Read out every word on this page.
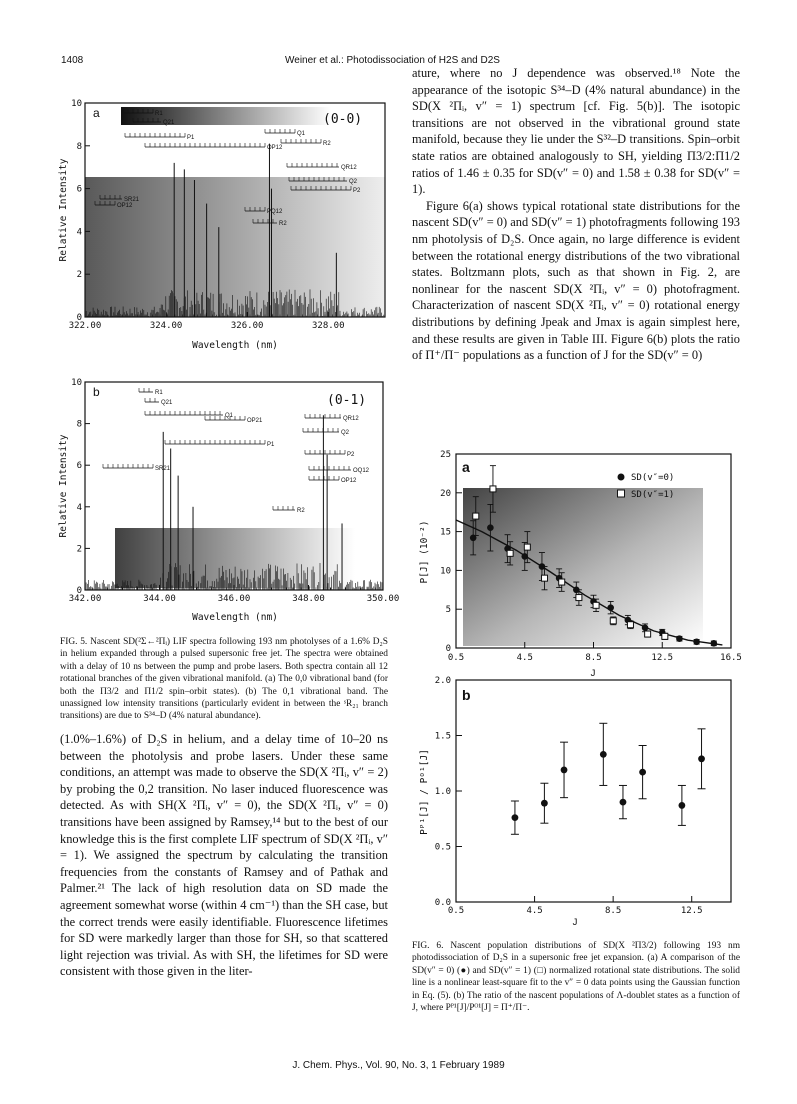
1408	Weiner et al.: Photodissociation of H2S and D2S
R1
Q21
P1
OP12
Q1
R2
QR12
Q2
P2
SR21
OP12
PQ12
R2
0
2
4
6
8
10
322.00	324.00	326.00	328.00
a	(0-0)
Wavelength (nm)
Relative Intensity
R1
Q21
Q1
OP21
P1
SR21
QR12
Q2
P2
OQ12
OP12
R2
0
2
4
6
8
10
342.00	344.00	346.00	348.00	350.00
b
(0-1)
Wavelength (nm)
Relative Intensity
FIG. 5. Nascent SD(²Σ←²Πᵢ) LIF spectra following 193 nm photolyses of a 1.6% D₂S in helium expanded through a pulsed supersonic free jet. The spectra were obtained with a delay of 10 ns between the pump and probe lasers. Both spectra contain all 12 rotational branches of the given vibrational manifold. (a) The 0,0 vibrational band (for both the Π3/2 and Π1/2 spin–orbit states). (b) The 0,1 vibrational band. The unassigned low intensity transitions (particularly evident in between the ˢR₂₁ branch transitions) are due to S³⁴–D (4% natural abundance).

(1.0%–1.6%) of D₂S in helium, and a delay time of 10–20 ns between the photolysis and probe lasers. Under these same conditions, an attempt was made to observe the SD(X ²Πᵢ, v″ = 2) by probing the 0,2 transition. No laser induced fluorescence was detected. As with SH(X ²Πᵢ, v″ = 0), the SD(X ²Πᵢ, v″ = 0) transitions have been assigned by Ramsey,¹⁴ but to the best of our knowledge this is the first complete LIF spectrum of SD(X ²Πᵢ, v″ = 1). We assigned the spectrum by calculating the transition frequencies from the constants of Ramsey and of Pathak and Palmer.²¹ The lack of high resolution data on SD made the agreement somewhat worse (within 4 cm⁻¹) than the SH case, but the correct trends were easily identifiable. Fluorescence lifetimes for SD were markedly larger than those for SH, so that scattered light rejection was trivial. As with SH, the lifetimes for SD were consistent with those given in the liter-

ature, where no J dependence was observed.¹⁸ Note the appearance of the isotopic S³⁴–D (4% natural abundance) in the SD(X ²Πᵢ, v″ = 1) spectrum [cf. Fig. 5(b)]. The isotopic transitions are not observed in the vibrational ground state manifold, because they lie under the S³²–D transitions. Spin–orbit state ratios are obtained analogously to SH, yielding Π3/2:Π1/2 ratios of 1.46 ± 0.35 for SD(v″ = 0) and 1.58 ± 0.38 for SD(v″ = 1).

Figure 6(a) shows typical rotational state distributions for the nascent SD(v″ = 0) and SD(v″ = 1) photofragments following 193 nm photolysis of D₂S. Once again, no large difference is evident between the rotational energy distributions of the two vibrational states. Boltzmann plots, such as that shown in Fig. 2, are nonlinear for the nascent SD(X ²Πᵢ, v″ = 0) photofragment. Characterization of nascent SD(X ²Πᵢ, v″ = 0) rotational energy distributions by defining Jpeak and Jmax is again simplest here, and these results are given in Table III. Figure 6(b) plots the ratio of Π⁺/Π⁻ populations as a function of J for the SD(v″ = 0)

0
5
10
15
20
25
0.5	4.5	8.5	12.5	16.5
a
J
P[J] (10⁻²)
SD(v″=0)
SD(v″=1)
0.0
0.5
1.0
1.5
2.0
0.5	4.5	8.5	12.5
b
J
Pᴾ¹[J] / Pᴼ¹[J]
FIG. 6. Nascent population distributions of SD(X ²Π3/2) following 193 nm photodissociation of D₂S in a supersonic free jet expansion. (a) A comparison of the SD(v″ = 0) (●) and SD(v″ = 1) (□) normalized rotational state distributions. The solid line is a nonlinear least-square fit to the v″ = 0 data points using the Gaussian function in Eq. (5). (b) The ratio of the nascent populations of Λ-doublet states as a function of J, where Pᴾ¹[J]/Pᴼ¹[J] = Π⁺/Π⁻.
J. Chem. Phys., Vol. 90, No. 3, 1 February 1989
